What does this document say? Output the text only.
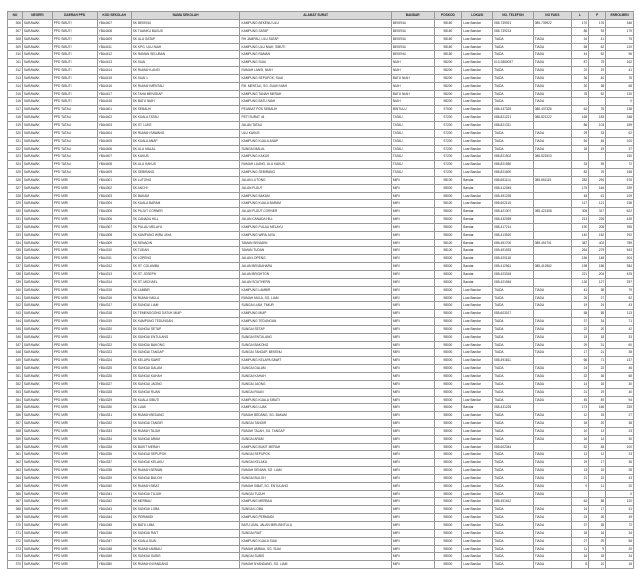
NO	NEGERI	DAERAH PPD	KOD SEKOLAH	NAMA SEKOLAH	ALAMAT SURAT	BANDAR	POSKOD	LOKASI	NO. TELEFON	NO FAKS	L	P	ENROLMEN
306	SARAWAK	PPD SIBUTI	YBA4407	SK BEKENU	KAMPUNG BEKENU ULU	BEKENU	98150	Luar Bandar	085-739921	085-739922	170	176	346
307	SARAWAK	PPD SIBUTI	YBA4408	SK TUANKU BAGUS	KAMPUNG SATAP	BEKENU	98150	Luar Bandar	085-739213		86	93	179
308	SARAWAK	PPD SIBUTI	YBA4409	SK ULU SATAP	RH JAMPAU, ULU SATAP	BEKENU	98150	Luar Bandar	TIADA	TIADA	34	41	75
309	SARAWAK	PPD SIBUTI	YBA4411	SK KPG. ULU NIAH	KAMPUNG ULU NIAH, SIBUTI	BEKENU	98150	Luar Bandar	TIADA	TIADA	58	62	120
310	SARAWAK	PPD SIBUTI	YBA4412	SK RAMAN SELUBAN	KAMPUNG RAMAN	BEKENU	98150	Luar Bandar	TIADA	TIADA	44	52	96
311	SARAWAK	PPD SIBUTI	YBA4413	SK SUAI	KAMPUNG SUAI	NIAH	98200	Luar Bandar	013-2860037	TIADA	87	75	162
312	SARAWAK	PPD SIBUTI	YBA4414	SK RUMAH LANSI	RUMAH LANSI, NIAH	NIAH	98200	Luar Bandar	TIADA	TIADA	22	19	41
313	SARAWAK	PPD SIBUTI	YBA4415	SK SUAI 1	KAMPUNG SEPUPOK, SUAI	BATU NIAH	98200	Luar Bandar	TIADA	TIADA	36	40	76
314	SARAWAK	PPD SIBUTI	YBA4416	SK RUMAH MENTALI	RH. MENTALI, SG. SUAH NIAH	NIAH	98200	Luar Bandar	TIADA	TIADA	30	38	68
315	SARAWAK	PPD SIBUTI	YBA4417	SK TAHA MENGKAP	KAMPUNG TANAH MERAH	BATU NIAH	98200	Luar Bandar	TIADA	TIADA	78	52	130
316	SARAWAK	PPD SIBUTI	YBA4418	SK BATU NIAH	KAMPUNG BATU NIAH	NIAH	98200	Luar Bandar	TIADA	TIADA			0
317	SARAWAK	PPD TATAU	YBA4401	SK SEBAUH	PEJABAT POS SEBAUH	BINTULU	97000	Luar Bandar	086-437325	086-437326	62	76	138
318	SARAWAK	PPD TATAU	YBA4402	SK KUALA TATAU	PETI SURAT 44	TATAU	97200	Luar Bandar	086-821221	086-821222	165	183	348
319	SARAWAK	PPD TATAU	YBA4403	SK ST. LUKE	JALAN TATAU	TATAU	97200	Luar Bandar	086-821311		86	103	189
320	SARAWAK	PPD TATAU	YBA4404	SK RUMAH SAWANG	ULU KAKUS	TATAU	97200	Luar Bandar	TIADA	TIADA	29	33	62
321	SARAWAK	PPD TATAU	YBA4405	SK KUALA ANAP	KAMPUNG KUALA ANAP	TATAU	97200	Luar Bandar	TIADA	TIADA	54	46	100
322	SARAWAK	PPD TATAU	YBA4406	SK ULU MALAL	SUNGAI MALAL	TATAU	97200	Luar Bandar	TIADA	TIADA	18	19	37
323	SARAWAK	PPD TATAU	YBA4407	SK KAKUS	KAMPUNG KAKUS	TATAU	97200	Luar Bandar	086-821502	086-821503			150
324	SARAWAK	PPD TATAU	YBA4408	SK ULU KAKUS	RUMAH LUANG, ULU KAKUS	TATAU	97200	Luar Bandar	086-821550		33	39	72
325	SARAWAK	PPD TATAU	YBA4409	SK SEBIRANG	KAMPUNG SEBIRANG	TATAU	97200	Luar Bandar	086-821600		82	76	158
326	SARAWAK	PPD MIRI	YBA4301	SK LUTONG	JALAN LUTONG	MIRI	98100	Bandar	085-651114	085-651115	282	294	576
327	SARAWAK	PPD MIRI	YBA4302	SK ANCHI	JALAN PUJUT	MIRI	98000	Bandar	085-412045		175	164	339
328	SARAWAK	PPD MIRI	YBA4303	SK BAKAM	KAMPUNG BAKAM	MIRI	98000	Luar Bandar	085-491235		48	61	109
329	SARAWAK	PPD MIRI	YBA4304	SK KUALA BARAM	KAMPUNG KUALA BARAM	MIRI	98100	Luar Bandar	085-602115		117	121	238
330	SARAWAK	PPD MIRI	YBA4305	SK PUJUT CORNER	JALAN PUJUT CORNER	MIRI	98000	Bandar	085-421307	085-421308	305	317	622
331	SARAWAK	PPD MIRI	YBA4306	SK CANADA HILL	JALAN CANADA HILL	MIRI	98000	Bandar	085-432055		213	226	439
332	SARAWAK	PPD MIRI	YBA4307	SK PULAU MELAYU	KAMPUNG PULAU MELAYU	MIRI	98000	Bandar	085-417214		190	205	395
333	SARAWAK	PPD MIRI	YBA4308	SK KAMPUNG WIRA JAYA	KAMPUNG WIRA JAYA	MIRI	98000	Bandar	085-413520		140	152	292
334	SARAWAK	PPD MIRI	YBA4309	SK SENADIN	TAMAN SENADIN	MIRI	98100	Bandar	085-491700	085-491701	387	402	789
335	SARAWAK	PPD MIRI	YBA4310	SK TUDAN	TAMAN TUDAN	MIRI	98100	Bandar	085-491533		264	279	543
336	SARAWAK	PPD MIRI	YBA4311	SK LOPENG	JALAN LOPENG	MIRI	98000	Bandar	085-420118		156	148	304
337	SARAWAK	PPD MIRI	YBA4312	SK ST. COLUMBA	JALAN BENDAHARA	MIRI	98000	Bandar	085-412561	085-412562	198	186	384
338	SARAWAK	PPD MIRI	YBA4313	SK ST. JOSEPH	JALAN BRIGHTON	MIRI	98000	Bandar	085-423318		221	204	425
339	SARAWAK	PPD MIRI	YBA4314	SK ST. MICHAEL	JALAN SOUTHERN	MIRI	98000	Bandar	085-421946		130	127	257
340	SARAWAK	PPD MIRI	YBA4315	SK LAMBIR	KAMPUNG LAMBIR	MIRI	98000	Luar Bandar	TIADA	TIADA	41	38	79
341	SARAWAK	PPD MIRI	YBA4316	SK RUMAH MULA	RUMAH MULA, SG. LIAM	MIRI	98000	Luar Bandar	TIADA	TIADA	25	27	52
342	SARAWAK	PPD MIRI	YBA4317	SK SUNGAI LIAM	SUNGAI LIAM, TIMUR	MIRI	98000	Luar Bandar	TIADA	TIADA	19	24	43
343	SARAWAK	PPD MIRI	YBA4318	SK TEMENGGONG DATUK MUIP	KAMPUNG MUIP	MIRI	98000	Luar Bandar	085-603017		58	55	113
344	SARAWAK	PPD MIRI	YBA4319	SK KAMPUNG TEDUNGAN	KAMPUNG TEDUNGAN	MIRI	98000	Luar Bandar	TIADA	TIADA	37	34	71
345	SARAWAK	PPD MIRI	YBA4320	SK SUNGAI SETAP	SUNGAI SETAP	MIRI	98000	Luar Bandar	TIADA	TIADA	22	20	42
346	SARAWAK	PPD MIRI	YBA4321	SK SUNGAI ENTULANG	SUNGAI ENTULANG	MIRI	98000	Luar Bandar	TIADA	TIADA	15	18	33
347	SARAWAK	PPD MIRI	YBA4322	SK SUNGAI BAKONG	SUNGAI BAKONG	MIRI	98000	Luar Bandar	TIADA	TIADA	29	31	60
348	SARAWAK	PPD MIRI	YBA4323	SK SUNGAI TANGAP	SUNGAI TANGAP, BEKENU	MIRI	98000	Luar Bandar	TIADA	TIADA	17	21	38
349	SARAWAK	PPD MIRI	YBA4324	SK KELAPA SAWIT	KAMPUNG KELAPA SAWIT	MIRI	98000	Luar Bandar	085-491811		66	71	137
350	SARAWAK	PPD MIRI	YBA4325	SK SUNGAI DALAM	SUNGAI DALAM	MIRI	98000	Luar Bandar	TIADA	TIADA	24	22	46
351	SARAWAK	PPD MIRI	YBA4326	SK SUNGAI KAHAH	SUNGAI KAHAH	MIRI	98000	Luar Bandar	TIADA	TIADA	32	36	68
352	SARAWAK	PPD MIRI	YBA4327	SK SUNGAI JAONG	SUNGAI JAONG	MIRI	98000	Luar Bandar	TIADA	TIADA	14	16	30
353	SARAWAK	PPD MIRI	YBA4328	SK SUNGAI RUAN	SUNGAI RUAN	MIRI	98000	Luar Bandar	TIADA	TIADA	21	19	40
354	SARAWAK	PPD MIRI	YBA4329	SK KUALA SIBUTI	KAMPUNG KUALA SIBUTI	MIRI	98000	Luar Bandar	TIADA	TIADA	45	49	94
355	SARAWAK	PPD MIRI	YBA4330	SK LUAK	KAMPUNG LUAK	MIRI	98000	Bandar	085-431225		173	166	339
356	SARAWAK	PPD MIRI	YBA4331	SK RUMAH BEDANG	RUMAH BEDANG, SG. BAKAM	MIRI	98000	Luar Bandar	TIADA	TIADA	12	15	27
357	SARAWAK	PPD MIRI	YBA4332	SK SUNGAI TANGIR	SUNGAI TANGIR	MIRI	98000	Luar Bandar	TIADA	TIADA	18	20	38
358	SARAWAK	PPD MIRI	YBA4333	SK RUMAH TAJAH	RUMAH TAJAH, SG. TANGAP	MIRI	98000	Luar Bandar	TIADA	TIADA	10	13	23
359	SARAWAK	PPD MIRI	YBA4334	SK SUNGAI ARAM	SUNGAI ARAM	MIRI	98000	Luar Bandar	TIADA	TIADA	16	14	30
360	SARAWAK	PPD MIRI	YBA4335	SK BUKIT MERAH	KAMPUNG BUKIT MERAH	MIRI	98000	Luar Bandar	085-602344		52	48	100
361	SARAWAK	PPD MIRI	YBA4336	SK SUNGAI SEPUPOK	SUNGAI SEPUPOK	MIRI	98000	Luar Bandar	TIADA	TIADA	11	12	23
362	SARAWAK	PPD MIRI	YBA4337	SK SUNGAI KELAKU	SUNGAI KELAKU	MIRI	98000	Luar Bandar	TIADA	TIADA	19	17	36
363	SARAWAK	PPD MIRI	YBA4338	SK RUMAH SENIAN	RUMAH SENIAN, SG. LIAM	MIRI	98000	Luar Bandar	TIADA	TIADA	13	15	28
364	SARAWAK	PPD MIRI	YBA4339	SK SUNGAI BULOH	SUNGAI BULOH	MIRI	98000	Luar Bandar	TIADA	TIADA	21	22	43
365	SARAWAK	PPD MIRI	YBA4340	SK RUMAH SIBAT	RUMAH SIBAT, SG. ENTULANG	MIRI	98000	Luar Bandar	TIADA	TIADA	9	11	20
366	SARAWAK	PPD MIRI	YBA4341	SK SUNGAI TUJUH	SUNGAI TUJUH	MIRI	98000	Luar Bandar	TIADA	TIADA			0
367	SARAWAK	PPD MIRI	YBA4342	SK MERBAU	KAMPUNG MERBAU	MIRI	98000	Luar Bandar	085-491612		62	58	120
368	SARAWAK	PPD MIRI	YBA4343	SK SUNGAI LOBA	SUNGAI LOBA	MIRI	98000	Luar Bandar	TIADA	TIADA	14	17	31
369	SARAWAK	PPD MIRI	YBA4344	SK PERMAIDI	KAMPUNG PERMAIDI	MIRI	98000	Luar Bandar	TIADA	TIADA	23	26	49
370	SARAWAK	PPD MIRI	YBA4345	SK BATU LIMA	BATU LIMA, JALAN MIRI-BINTULU	MIRI	98000	Luar Bandar	TIADA	TIADA	37	35	72
371	SARAWAK	PPD MIRI	YBA4346	SK SUNGAI RAIT	SUNGAI RAIT	MIRI	98000	Luar Bandar	TIADA	TIADA	18	16	34
372	SARAWAK	PPD MIRI	YBA4347	SK KUALA SUAI	KAMPUNG KUALA SUAI	MIRI	98000	Luar Bandar	TIADA	TIADA	27	29	56
373	SARAWAK	PPD MIRI	YBA4348	SK RUMAH AMBAU	RUMAH AMBAU, SG. SUAI	MIRI	98000	Luar Bandar	TIADA	TIADA	11	9	20
374	SARAWAK	PPD MIRI	YBA4349	SK SUNGAI SUBIS	SUNGAI SUBIS	MIRI	98000	Luar Bandar	TIADA	TIADA	16	18	34
375	SARAWAK	PPD MIRI	YBA4350	SK RUMAH NYANDANG	RUMAH NYANDANG, SG. LIAM	MIRI	98000	Luar Bandar	TIADA	TIADA	8	10	18
